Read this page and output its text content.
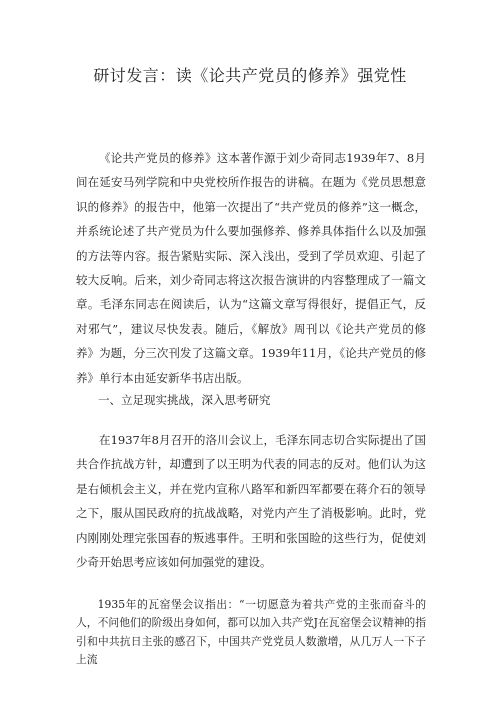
研讨发言：读《论共产党员的修养》强党性
《论共产党员的修养》这本著作源于刘少奇同志1939年7、8月间在延安马列学院和中央党校所作报告的讲稿。在题为《党员思想意识的修养》的报告中，他第一次提出了“共产党员的修养”这一概念，并系统论述了共产党员为什么要加强修养、修养具体指什么以及加强的方法等内容。报告紧贴实际、深入浅出，受到了学员欢迎、引起了较大反响。后来，刘少奇同志将这次报告演讲的内容整理成了一篇文章。毛泽东同志在阅读后，认为“这篇文章写得很好，提倡正气，反对邪气”，建议尽快发表。随后，《解放》周刊以《论共产党员的修养》为题，分三次刊发了这篇文章。1939年11月，《论共产党员的修养》单行本由延安新华书店出版。
一、立足现实挑战，深入思考研究
在1937年8月召开的洛川会议上，毛泽东同志切合实际提出了国共合作抗战方针，却遭到了以王明为代表的同志的反对。他们认为这是右倾机会主义，并在党内宣称八路军和新四军都要在蒋介石的领导之下，服从国民政府的抗战战略，对党内产生了消极影响。此时，党内刚刚处理完张国春的叛逃事件。王明和张国睑的这些行为，促使刘少奇开始思考应该如何加强党的建设。
1935年的瓦窑堡会议指出：“一切愿意为着共产党的主张而奋斗的人，不问他们的阶级出身如何，都可以加入共产党J在瓦窑堡会议精神的指引和中共抗日主张的感召下，中国共产党党员人数激增，从几万人一下子上流
